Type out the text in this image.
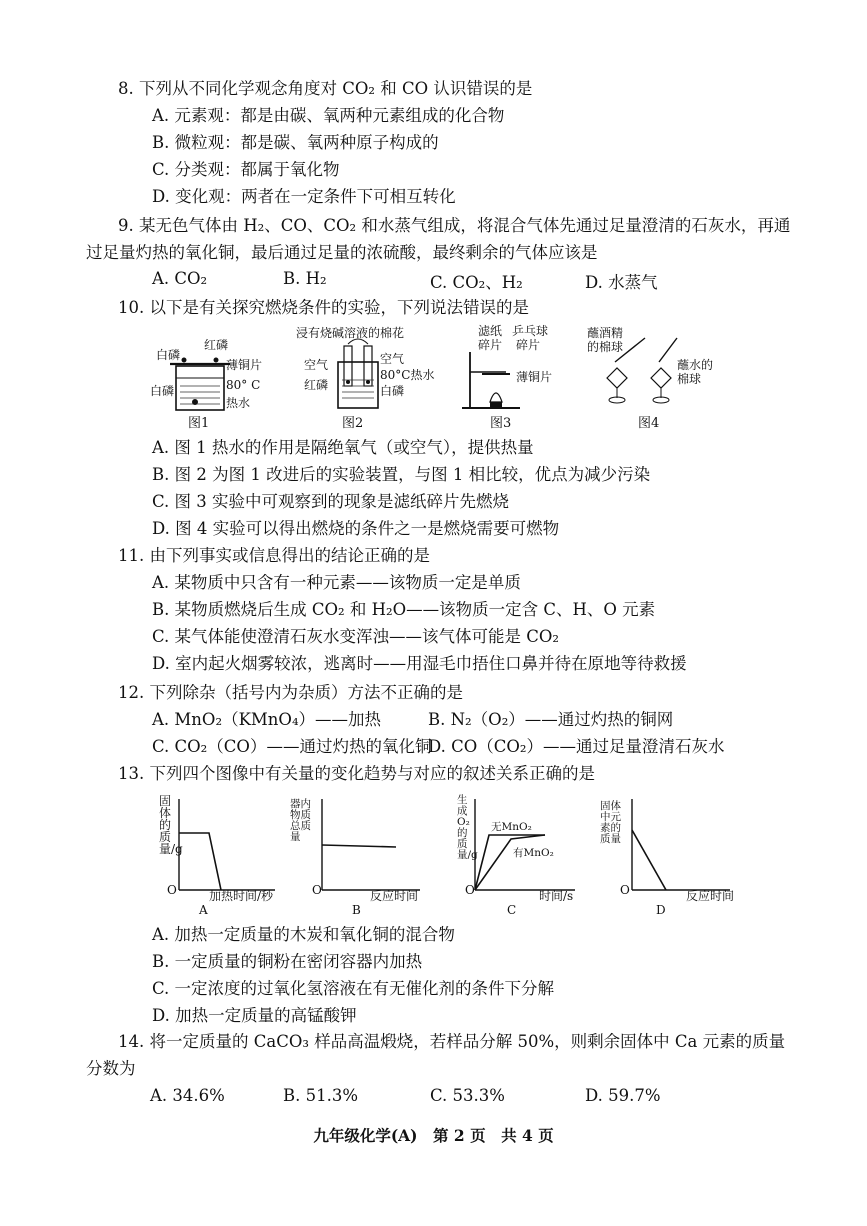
8. 下列从不同化学观念角度对 CO₂ 和 CO 认识错误的是
A. 元素观：都是由碳、氧两种元素组成的化合物
B. 微粒观：都是碳、氧两种原子构成的
C. 分类观：都属于氧化物
D. 变化观：两者在一定条件下可相互转化
9. 某无色气体由 H₂、CO、CO₂ 和水蒸气组成，将混合气体先通过足量澄清的石灰水，再通
过足量灼热的氧化铜，最后通过足量的浓硫酸，最终剩余的气体应该是
A. CO₂	B. H₂	C. CO₂、H₂	D. 水蒸气
10. 以下是有关探究燃烧条件的实验，下列说法错误的是
白磷
红磷
薄铜片
白磷	80° C
热水
图1
浸有烧碱溶液的棉花
空气	空气
80°C热水
红磷	白磷
图2
滤纸
碎片
乒乓球
碎片
薄铜片
图3
蘸酒精
的棉球
蘸水的
棉球
图4
A. 图 1 热水的作用是隔绝氧气（或空气），提供热量
B. 图 2 为图 1 改进后的实验装置，与图 1 相比较，优点为减少污染
C. 图 3 实验中可观察到的现象是滤纸碎片先燃烧
D. 图 4 实验可以得出燃烧的条件之一是燃烧需要可燃物
11. 由下列事实或信息得出的结论正确的是
A. 某物质中只含有一种元素——该物质一定是单质
B. 某物质燃烧后生成 CO₂ 和 H₂O——该物质一定含 C、H、O 元素
C. 某气体能使澄清石灰水变浑浊——该气体可能是 CO₂
D. 室内起火烟雾较浓，逃离时——用湿毛巾捂住口鼻并待在原地等待救援
12. 下列除杂（括号内为杂质）方法不正确的是
A. MnO₂（KMnO₄）——加热	B. N₂（O₂）——通过灼热的铜网
C. CO₂（CO）——通过灼热的氧化铜
D. CO（CO₂）——通过足量澄清石灰水
13. 下列四个图像中有关量的变化趋势与对应的叙述关系正确的是
固体的质量/g
O	加热时间/秒
A
器内物质总质量
O	反应时间
B
生成O₂的质量/g
无MnO₂
有MnO₂
O	时间/s
C
固体中元素的质量
O	反应时间
D
A. 加热一定质量的木炭和氧化铜的混合物
B. 一定质量的铜粉在密闭容器内加热
C. 一定浓度的过氧化氢溶液在有无催化剂的条件下分解
D. 加热一定质量的高锰酸钾
14. 将一定质量的 CaCO₃ 样品高温煅烧，若样品分解 50%，则剩余固体中 Ca 元素的质量
分数为
A. 34.6%	B. 51.3%	C. 53.3%	D. 59.7%
九年级化学(A)　第 2 页　共 4 页
